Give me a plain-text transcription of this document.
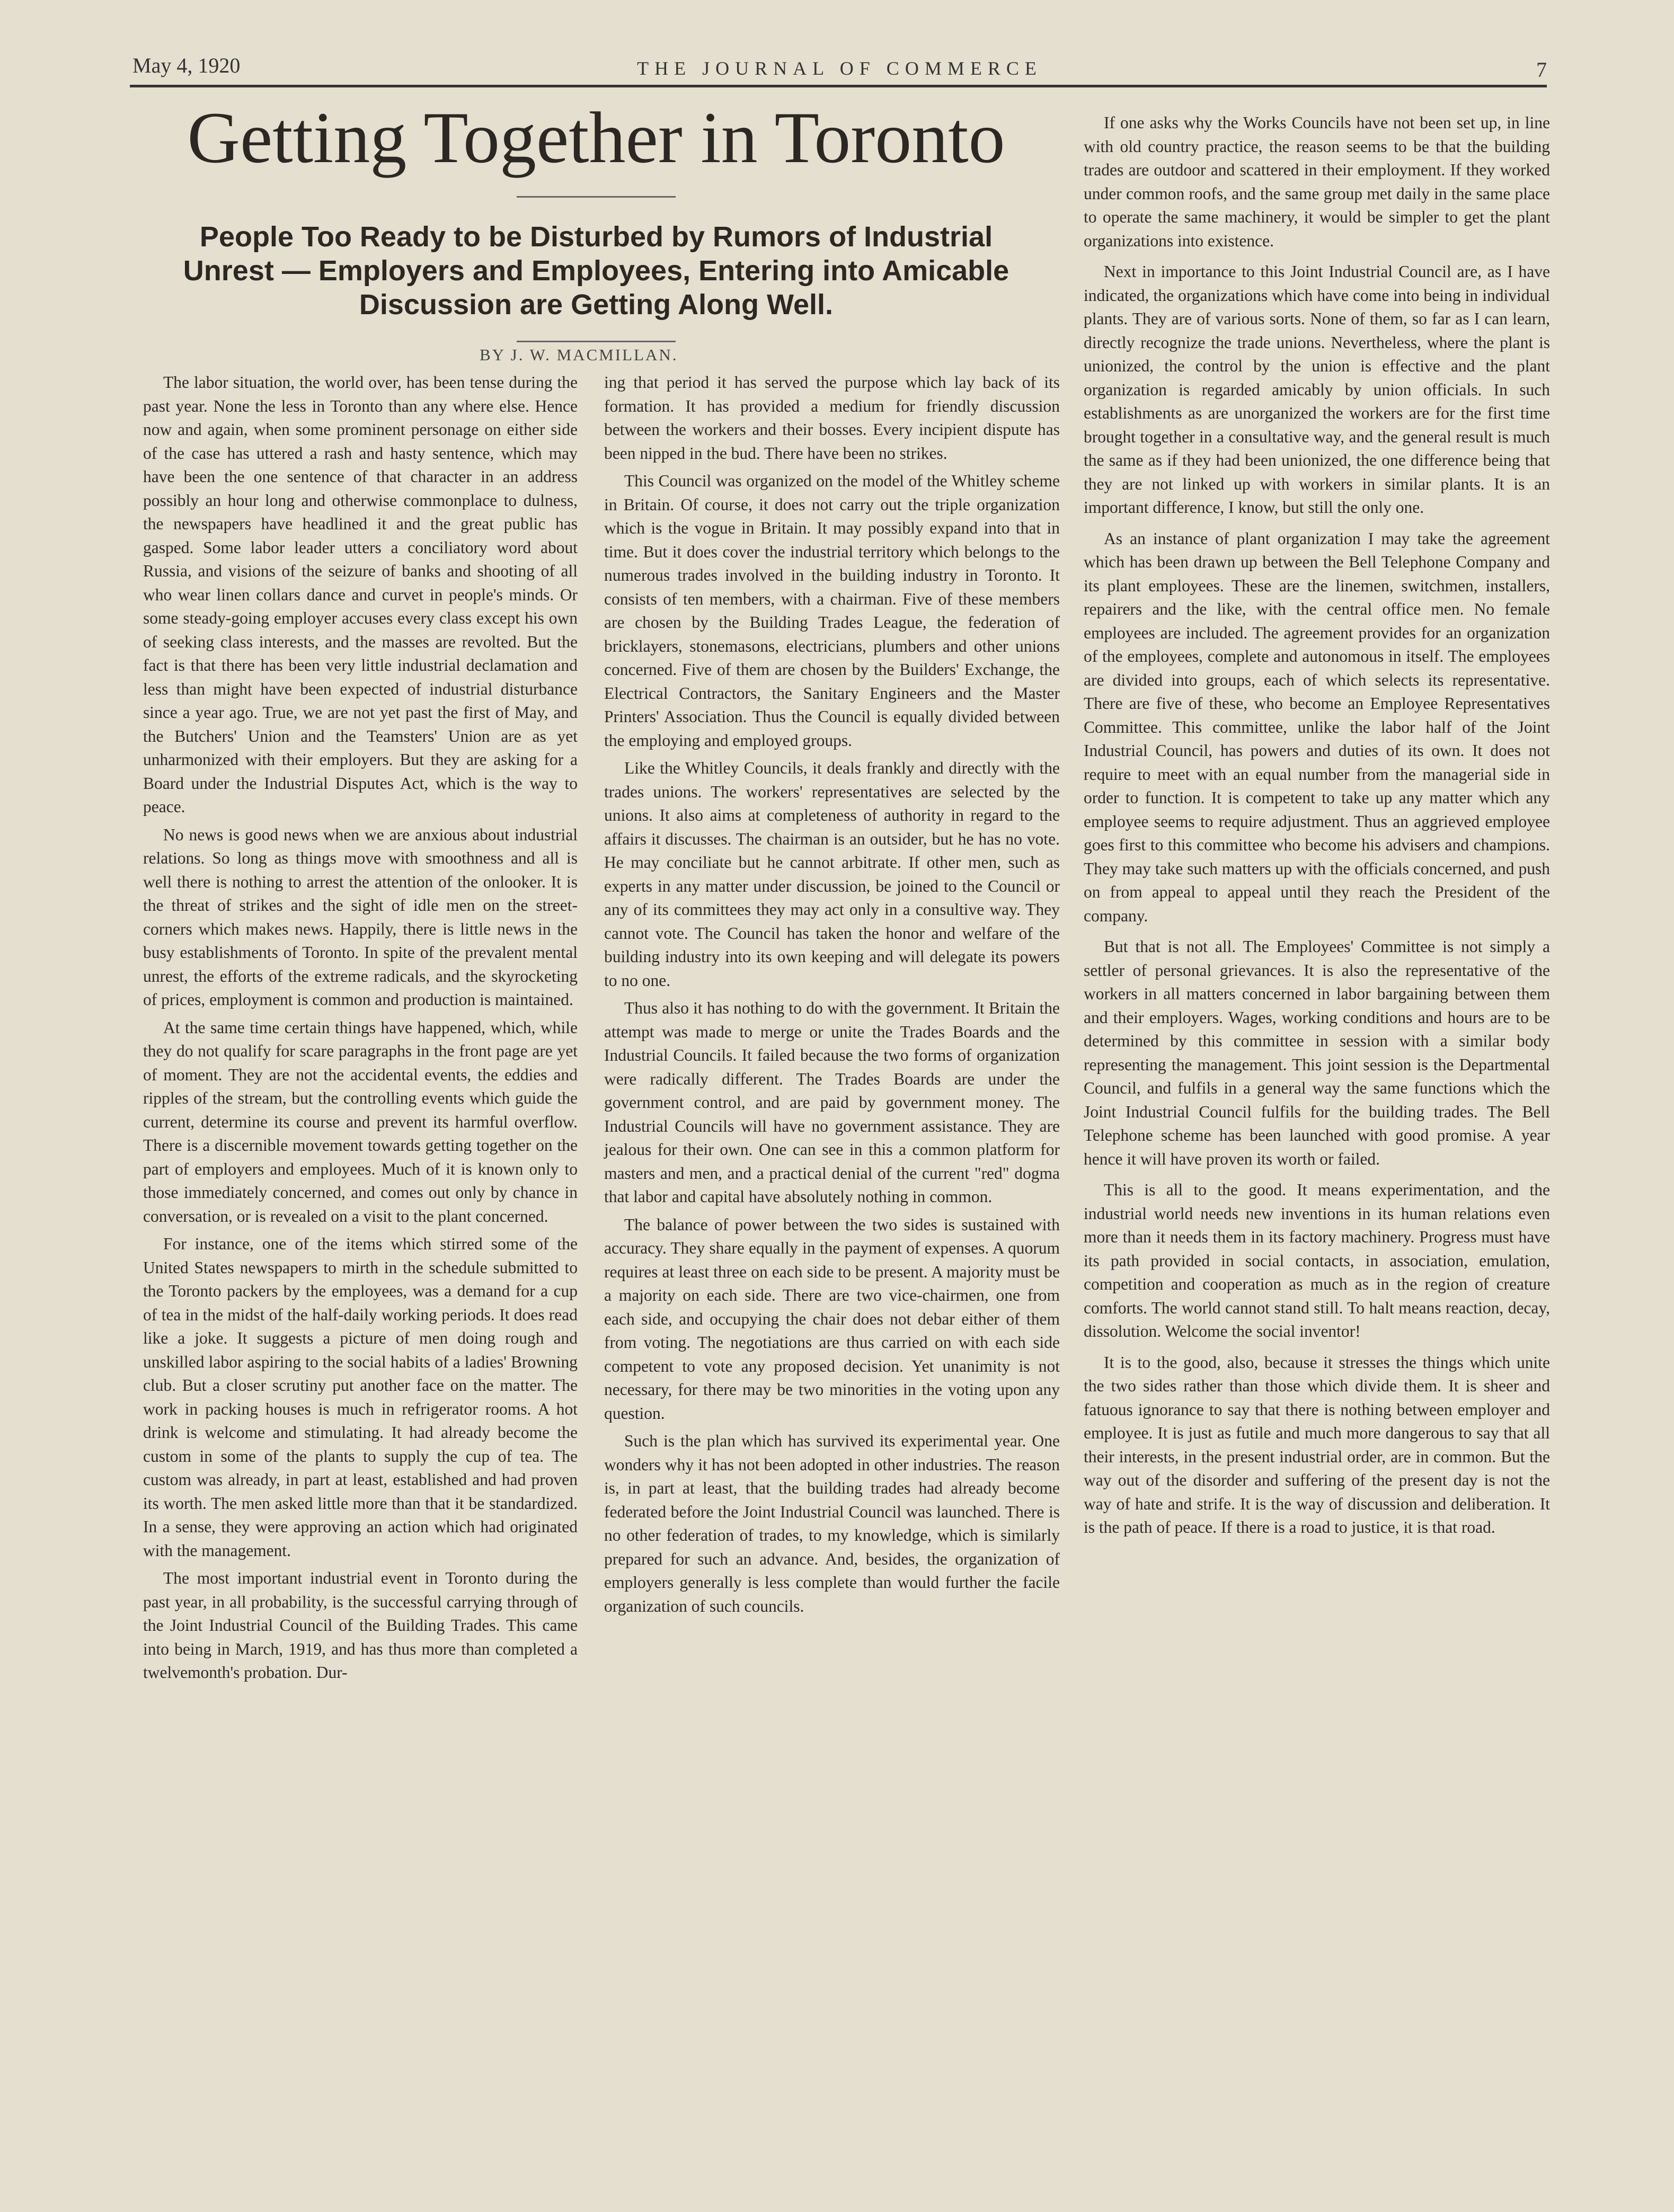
May 4, 1920	THE JOURNAL OF COMMERCE	7
Getting Together in Toronto
People Too Ready to be Disturbed by Rumors of Industrial Unrest — Employers and Employees, Entering into Amicable Discussion are Getting Along Well.
BY J. W. MACMILLAN.

The labor situation, the world over, has been tense during the past year. None the less in Toronto than any where else. Hence now and again, when some prominent personage on either side of the case has uttered a rash and hasty sentence, which may have been the one sentence of that character in an address possibly an hour long and otherwise commonplace to dulness, the newspapers have headlined it and the great public has gasped. Some labor leader utters a conciliatory word about Russia, and visions of the seizure of banks and shooting of all who wear linen collars dance and curvet in people's minds. Or some steady-going employer accuses every class except his own of seeking class interests, and the masses are revolted. But the fact is that there has been very little industrial declamation and less than might have been expected of industrial disturbance since a year ago. True, we are not yet past the first of May, and the Butchers' Union and the Teamsters' Union are as yet unharmonized with their employers. But they are asking for a Board under the Industrial Disputes Act, which is the way to peace.

No news is good news when we are anxious about industrial relations. So long as things move with smoothness and all is well there is nothing to arrest the attention of the onlooker. It is the threat of strikes and the sight of idle men on the street-corners which makes news. Happily, there is little news in the busy establishments of Toronto. In spite of the prevalent mental unrest, the efforts of the extreme radicals, and the skyrocketing of prices, employment is common and production is maintained.

At the same time certain things have happened, which, while they do not qualify for scare paragraphs in the front page are yet of moment. They are not the accidental events, the eddies and ripples of the stream, but the controlling events which guide the current, determine its course and prevent its harmful overflow. There is a discernible movement towards getting together on the part of employers and employees. Much of it is known only to those immediately concerned, and comes out only by chance in conversation, or is revealed on a visit to the plant concerned.

For instance, one of the items which stirred some of the United States newspapers to mirth in the schedule submitted to the Toronto packers by the employees, was a demand for a cup of tea in the midst of the half-daily working periods. It does read like a joke. It suggests a picture of men doing rough and unskilled labor aspiring to the social habits of a ladies' Browning club. But a closer scrutiny put another face on the matter. The work in packing houses is much in refrigerator rooms. A hot drink is welcome and stimulating. It had already become the custom in some of the plants to supply the cup of tea. The custom was already, in part at least, established and had proven its worth. The men asked little more than that it be standardized. In a sense, they were approving an action which had originated with the management.

The most important industrial event in Toronto during the past year, in all probability, is the successful carrying through of the Joint Industrial Council of the Building Trades. This came into being in March, 1919, and has thus more than completed a twelvemonth's probation. Dur-

ing that period it has served the purpose which lay back of its formation. It has provided a medium for friendly discussion between the workers and their bosses. Every incipient dispute has been nipped in the bud. There have been no strikes.

This Council was organized on the model of the Whitley scheme in Britain. Of course, it does not carry out the triple organization which is the vogue in Britain. It may possibly expand into that in time. But it does cover the industrial territory which belongs to the numerous trades involved in the building industry in Toronto. It consists of ten members, with a chairman. Five of these members are chosen by the Building Trades League, the federation of bricklayers, stonemasons, electricians, plumbers and other unions concerned. Five of them are chosen by the Builders' Exchange, the Electrical Contractors, the Sanitary Engineers and the Master Printers' Association. Thus the Council is equally divided between the employing and employed groups.

Like the Whitley Councils, it deals frankly and directly with the trades unions. The workers' representatives are selected by the unions. It also aims at completeness of authority in regard to the affairs it discusses. The chairman is an outsider, but he has no vote. He may conciliate but he cannot arbitrate. If other men, such as experts in any matter under discussion, be joined to the Council or any of its committees they may act only in a consultive way. They cannot vote. The Council has taken the honor and welfare of the building industry into its own keeping and will delegate its powers to no one.

Thus also it has nothing to do with the government. It Britain the attempt was made to merge or unite the Trades Boards and the Industrial Councils. It failed because the two forms of organization were radically different. The Trades Boards are under the government control, and are paid by government money. The Industrial Councils will have no government assistance. They are jealous for their own. One can see in this a common platform for masters and men, and a practical denial of the current "red" dogma that labor and capital have absolutely nothing in common.

The balance of power between the two sides is sustained with accuracy. They share equally in the payment of expenses. A quorum requires at least three on each side to be present. A majority must be a majority on each side. There are two vice-chairmen, one from each side, and occupying the chair does not debar either of them from voting. The negotiations are thus carried on with each side competent to vote any proposed decision. Yet unanimity is not necessary, for there may be two minorities in the voting upon any question.

Such is the plan which has survived its experimental year. One wonders why it has not been adopted in other industries. The reason is, in part at least, that the building trades had already become federated before the Joint Industrial Council was launched. There is no other federation of trades, to my knowledge, which is similarly prepared for such an advance. And, besides, the organization of employers generally is less complete than would further the facile organization of such councils.

If one asks why the Works Councils have not been set up, in line with old country practice, the reason seems to be that the building trades are outdoor and scattered in their employment. If they worked under common roofs, and the same group met daily in the same place to operate the same machinery, it would be simpler to get the plant organizations into existence.

Next in importance to this Joint Industrial Council are, as I have indicated, the organizations which have come into being in individual plants. They are of various sorts. None of them, so far as I can learn, directly recognize the trade unions. Nevertheless, where the plant is unionized, the control by the union is effective and the plant organization is regarded amicably by union officials. In such establishments as are unorganized the workers are for the first time brought together in a consultative way, and the general result is much the same as if they had been unionized, the one difference being that they are not linked up with workers in similar plants. It is an important difference, I know, but still the only one.

As an instance of plant organization I may take the agreement which has been drawn up between the Bell Telephone Company and its plant employees. These are the linemen, switchmen, installers, repairers and the like, with the central office men. No female employees are included. The agreement provides for an organization of the employees, complete and autonomous in itself. The employees are divided into groups, each of which selects its representative. There are five of these, who become an Employee Representatives Committee. This committee, unlike the labor half of the Joint Industrial Council, has powers and duties of its own. It does not require to meet with an equal number from the managerial side in order to function. It is competent to take up any matter which any employee seems to require adjustment. Thus an aggrieved employee goes first to this committee who become his advisers and champions. They may take such matters up with the officials concerned, and push on from appeal to appeal until they reach the President of the company.

But that is not all. The Employees' Committee is not simply a settler of personal grievances. It is also the representative of the workers in all matters concerned in labor bargaining between them and their employers. Wages, working conditions and hours are to be determined by this committee in session with a similar body representing the management. This joint session is the Departmental Council, and fulfils in a general way the same functions which the Joint Industrial Council fulfils for the building trades. The Bell Telephone scheme has been launched with good promise. A year hence it will have proven its worth or failed.

This is all to the good. It means experimentation, and the industrial world needs new inventions in its human relations even more than it needs them in its factory machinery. Progress must have its path provided in social contacts, in association, emulation, competition and cooperation as much as in the region of creature comforts. The world cannot stand still. To halt means reaction, decay, dissolution. Welcome the social inventor!

It is to the good, also, because it stresses the things which unite the two sides rather than those which divide them. It is sheer and fatuous ignorance to say that there is nothing between employer and employee. It is just as futile and much more dangerous to say that all their interests, in the present industrial order, are in common. But the way out of the disorder and suffering of the present day is not the way of hate and strife. It is the way of discussion and deliberation. It is the path of peace. If there is a road to justice, it is that road.
